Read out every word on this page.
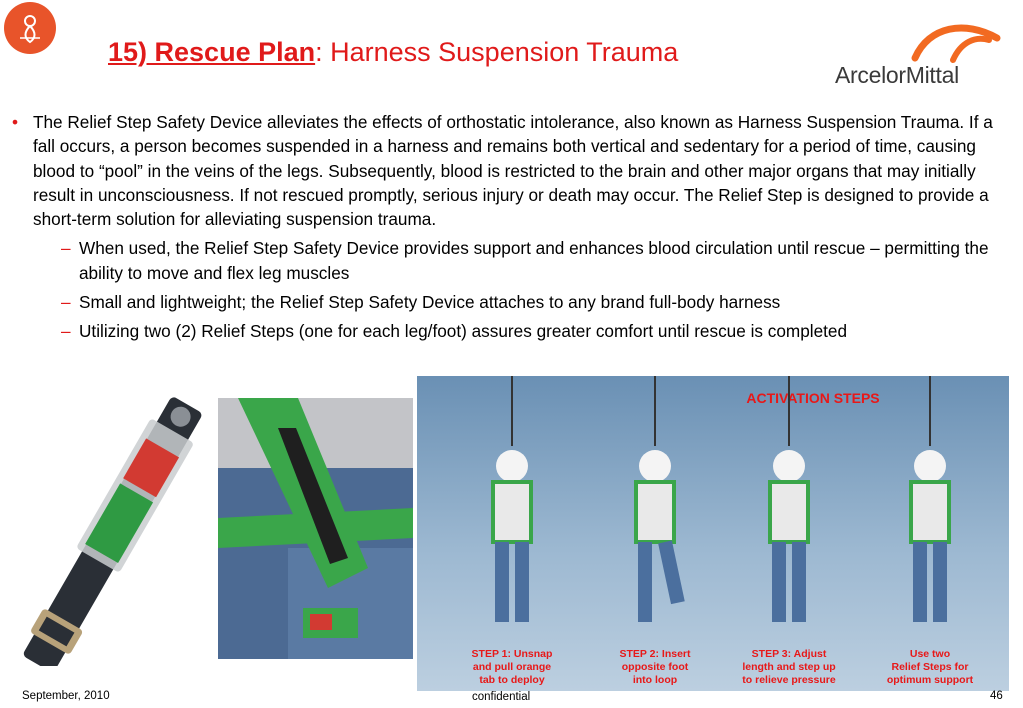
15) Rescue Plan: Harness Suspension Trauma
ArcelorMittal
• The Relief Step Safety Device alleviates the effects of orthostatic intolerance, also known as Harness Suspension Trauma. If a fall occurs, a person becomes suspended in a harness and remains both vertical and sedentary for a period of time, causing blood to “pool” in the veins of the legs. Subsequently, blood is restricted to the brain and other major organs that may initially result in unconsciousness. If not rescued promptly, serious injury or death may occur. The Relief Step is designed to provide a short-term solution for alleviating suspension trauma.
– When used, the Relief Step Safety Device provides support and enhances blood circulation until rescue – permitting the ability to move and flex leg muscles
– Small and lightweight; the Relief Step Safety Device attaches to any brand full-body harness
– Utilizing two (2) Relief Steps (one for each leg/foot) assures greater comfort until rescue is completed
ACTIVATION STEPS
STEP 1: Unsnap
and pull orange
tab to deploy
STEP 2: Insert
opposite foot
into loop
STEP 3: Adjust
length and step up
to relieve pressure
Use two
Relief Steps for
optimum support
September, 2010	confidential	46
